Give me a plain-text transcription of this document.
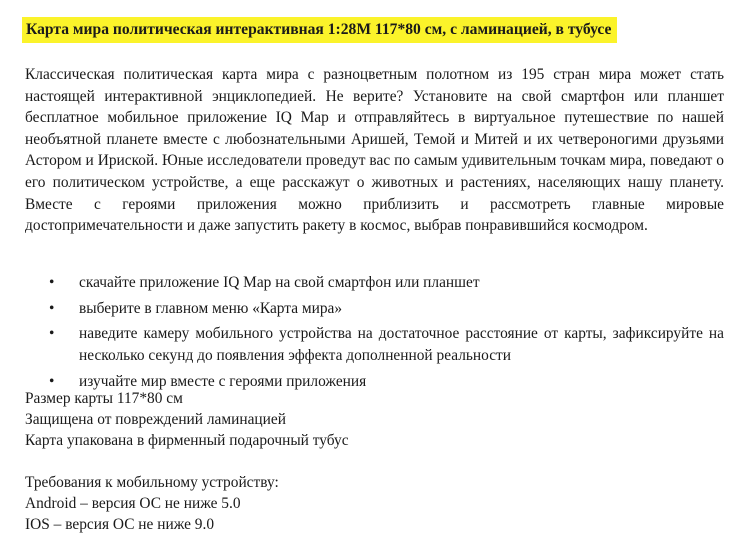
Карта мира политическая интерактивная 1:28М 117*80 см, с ламинацией, в тубусе

Классическая политическая карта мира с разноцветным полотном из 195 стран мира может стать настоящей интерактивной энциклопедией. Не верите? Установите на свой смартфон или планшет бесплатное мобильное приложение IQ Map и отправляйтесь в виртуальное путешествие по нашей необъятной планете вместе с любознательными Аришей, Темой и Митей и их четвероногими друзьями Астором и Ириской. Юные исследователи проведут вас по самым удивительным точкам мира, поведают о его политическом устройстве, а еще расскажут о животных и растениях, населяющих нашу планету. Вместе с героями приложения можно приблизить и рассмотреть главные мировые достопримечательности и даже запустить ракету в космос, выбрав понравившийся космодром.

• скачайте приложение IQ Map на свой смартфон или планшет
• выберите в главном меню «Карта мира»
• наведите камеру мобильного устройства на достаточное расстояние от карты, зафиксируйте на несколько секунд до появления эффекта дополненной реальности
• изучайте мир вместе с героями приложения

Размер карты 117*80 см

Защищена от повреждений ламинацией

Карта упакована в фирменный подарочный тубус

Требования к мобильному устройству:

Android – версия ОС не ниже 5.0

IOS – версия ОС не ниже 9.0
